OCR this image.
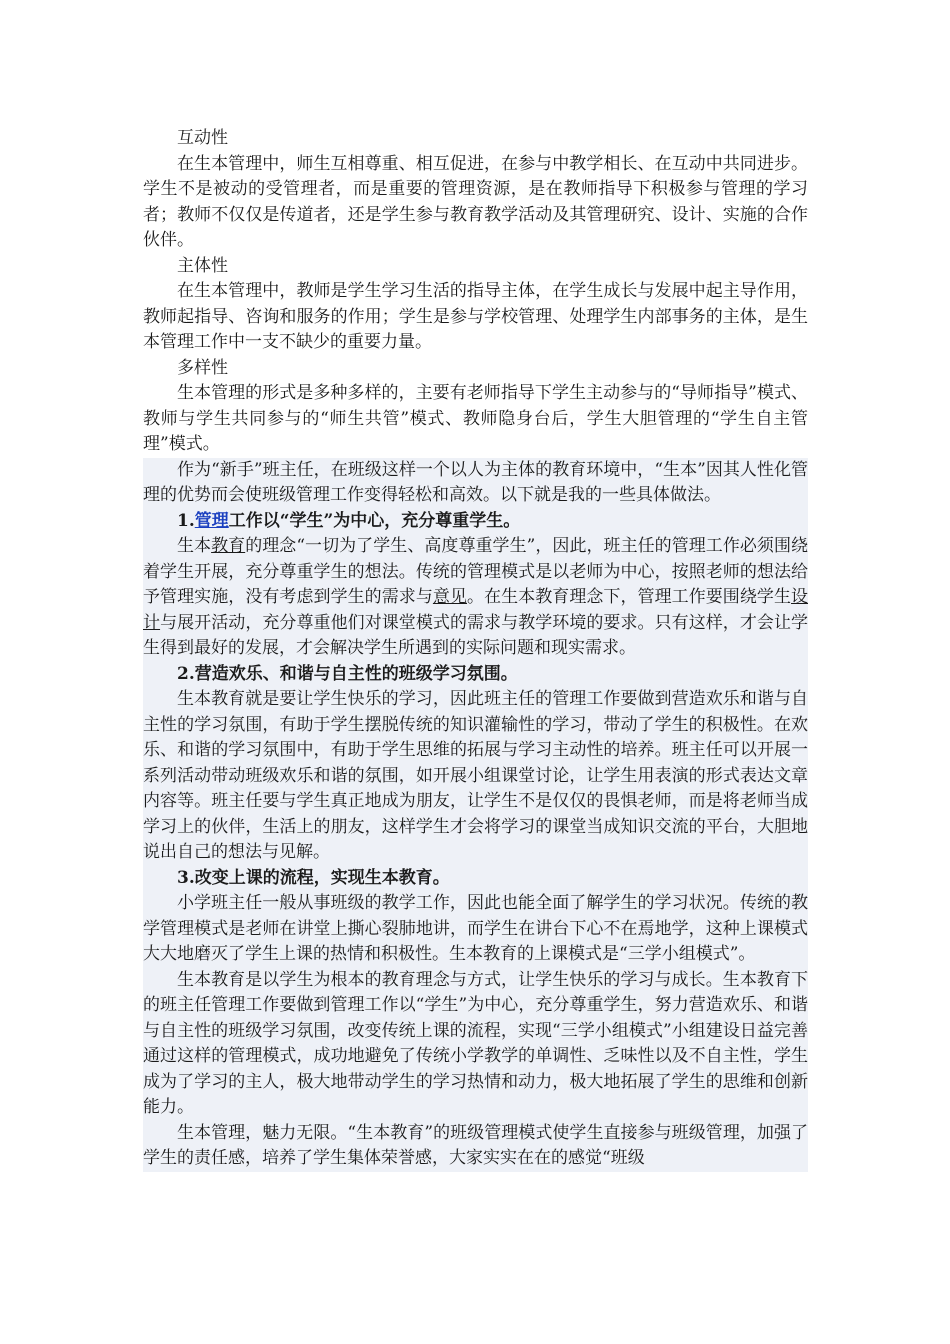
互动性

在生本管理中，师生互相尊重、相互促进，在参与中教学相长、在互动中共同进步。学生不是被动的受管理者，而是重要的管理资源，是在教师指导下积极参与管理的学习者；教师不仅仅是传道者，还是学生参与教育教学活动及其管理研究、设计、实施的合作伙伴。

主体性

在生本管理中，教师是学生学习生活的指导主体，在学生成长与发展中起主导作用，教师起指导、咨询和服务的作用；学生是参与学校管理、处理学生内部事务的主体，是生本管理工作中一支不缺少的重要力量。

多样性

生本管理的形式是多种多样的，主要有老师指导下学生主动参与的“导师指导”模式、教师与学生共同参与的“师生共管”模式、教师隐身台后，学生大胆管理的“学生自主管理”模式。

作为“新手”班主任，在班级这样一个以人为主体的教育环境中，“生本”因其人性化管理的优势而会使班级管理工作变得轻松和高效。以下就是我的一些具体做法。

1.管理工作以“学生”为中心，充分尊重学生。

生本教育的理念“一切为了学生、高度尊重学生”，因此，班主任的管理工作必须围绕着学生开展，充分尊重学生的想法。传统的管理模式是以老师为中心，按照老师的想法给予管理实施，没有考虑到学生的需求与意见。在生本教育理念下，管理工作要围绕学生设计与展开活动，充分尊重他们对课堂模式的需求与教学环境的要求。只有这样，才会让学生得到最好的发展，才会解决学生所遇到的实际问题和现实需求。

2.营造欢乐、和谐与自主性的班级学习氛围。

生本教育就是要让学生快乐的学习，因此班主任的管理工作要做到营造欢乐和谐与自主性的学习氛围，有助于学生摆脱传统的知识灌输性的学习，带动了学生的积极性。在欢乐、和谐的学习氛围中，有助于学生思维的拓展与学习主动性的培养。班主任可以开展一系列活动带动班级欢乐和谐的氛围，如开展小组课堂讨论，让学生用表演的形式表达文章内容等。班主任要与学生真正地成为朋友，让学生不是仅仅的畏惧老师，而是将老师当成学习上的伙伴，生活上的朋友，这样学生才会将学习的课堂当成知识交流的平台，大胆地说出自己的想法与见解。

3.改变上课的流程，实现生本教育。

小学班主任一般从事班级的教学工作，因此也能全面了解学生的学习状况。传统的教学管理模式是老师在讲堂上撕心裂肺地讲，而学生在讲台下心不在焉地学，这种上课模式大大地磨灭了学生上课的热情和积极性。生本教育的上课模式是“三学小组模式”。

生本教育是以学生为根本的教育理念与方式，让学生快乐的学习与成长。生本教育下的班主任管理工作要做到管理工作以“学生”为中心，充分尊重学生，努力营造欢乐、和谐与自主性的班级学习氛围，改变传统上课的流程，实现“三学小组模式”小组建设日益完善通过这样的管理模式，成功地避免了传统小学教学的单调性、乏味性以及不自主性，学生成为了学习的主人，极大地带动学生的学习热情和动力，极大地拓展了学生的思维和创新能力。

生本管理，魅力无限。“生本教育”的班级管理模式使学生直接参与班级管理，加强了学生的责任感，培养了学生集体荣誉感，大家实实在在的感觉“班级
